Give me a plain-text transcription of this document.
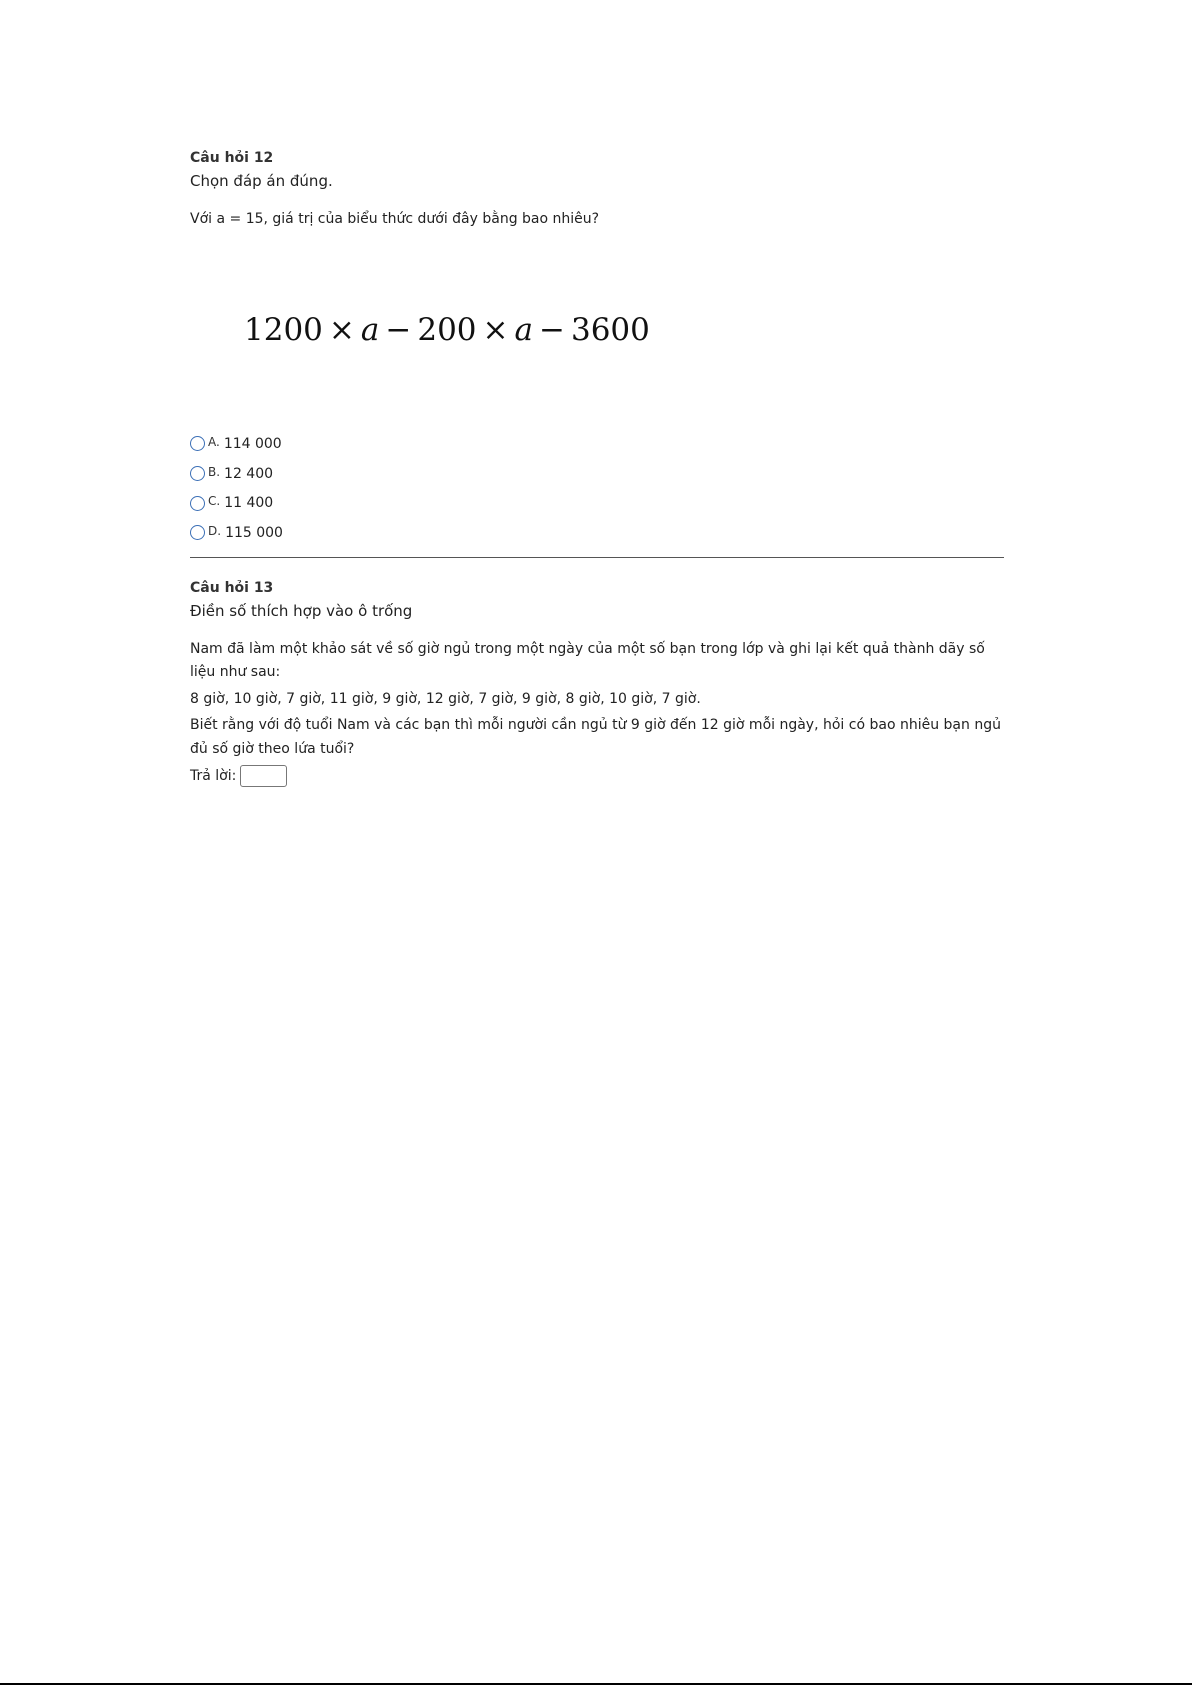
Câu hỏi 12

Chọn đáp án đúng.

Với a = 15, giá trị của biểu thức dưới đây bằng bao nhiêu?

1200 × a − 200 × a − 3600
A. 114 000
B. 12 400
C. 11 400
D. 115 000
Câu hỏi 13

Điền số thích hợp vào ô trống

Nam đã làm một khảo sát về số giờ ngủ trong một ngày của một số bạn trong lớp và ghi lại kết quả thành dãy số liệu như sau:

8 giờ, 10 giờ, 7 giờ, 11 giờ, 9 giờ, 12 giờ, 7 giờ, 9 giờ, 8 giờ, 10 giờ, 7 giờ.

Biết rằng với độ tuổi Nam và các bạn thì mỗi người cần ngủ từ 9 giờ đến 12 giờ mỗi ngày, hỏi có bao nhiêu bạn ngủ đủ số giờ theo lứa tuổi?

Trả lời:
